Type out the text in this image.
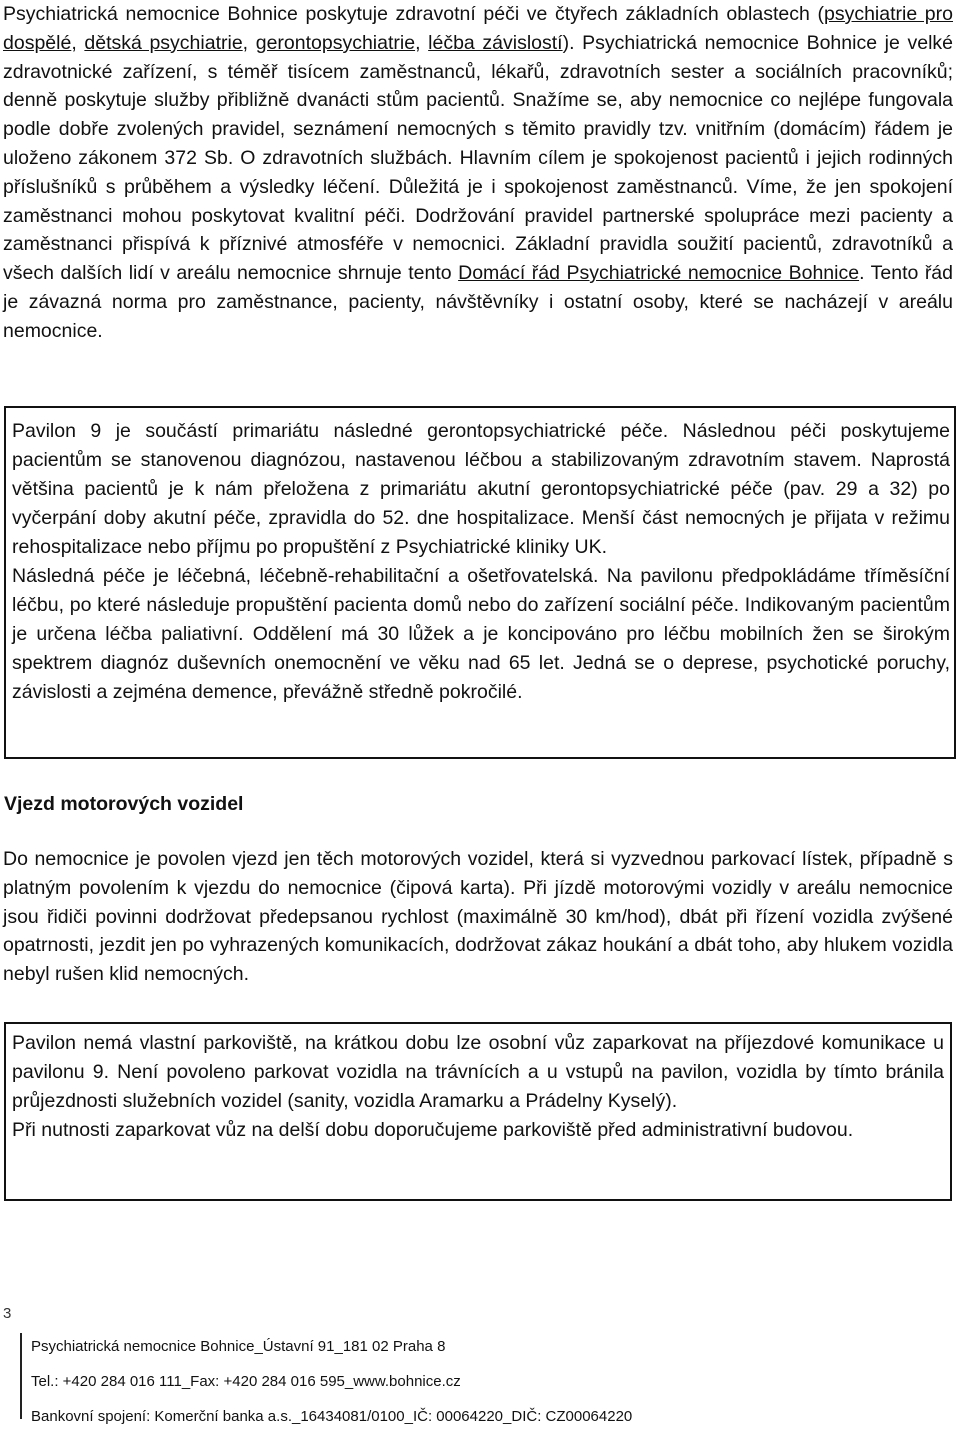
Psychiatrická nemocnice Bohnice poskytuje zdravotní péči ve čtyřech základních oblastech (psychiatrie pro dospělé, dětská psychiatrie, gerontopsychiatrie, léčba závislostí). Psychiatrická nemocnice Bohnice je velké zdravotnické zařízení, s téměř tisícem zaměstnanců, lékařů, zdravotních sester a sociálních pracovníků; denně poskytuje služby přibližně dvanácti stům pacientů. Snažíme se, aby nemocnice co nejlépe fungovala podle dobře zvolených pravidel, seznámení nemocných s těmito pravidly tzv. vnitřním (domácím) řádem je uloženo zákonem 372 Sb. O zdravotních službách. Hlavním cílem je spokojenost pacientů i jejich rodinných příslušníků s průběhem a výsledky léčení. Důležitá je i spokojenost zaměstnanců. Víme, že jen spokojení zaměstnanci mohou poskytovat kvalitní péči. Dodržování pravidel partnerské spolupráce mezi pacienty a zaměstnanci přispívá k příznivé atmosféře v nemocnici. Základní pravidla soužití pacientů, zdravotníků a všech dalších lidí v areálu nemocnice shrnuje tento Domácí řád Psychiatrické nemocnice Bohnice. Tento řád je závazná norma pro zaměstnance, pacienty, návštěvníky i ostatní osoby, které se nacházejí v areálu nemocnice.

Pavilon 9 je součástí primariátu následné gerontopsychiatrické péče. Následnou péči poskytujeme pacientům se stanovenou diagnózou, nastavenou léčbou a stabilizovaným zdravotním stavem. Naprostá většina pacientů je k nám přeložena z primariátu akutní gerontopsychiatrické péče (pav. 29 a 32) po vyčerpání doby akutní péče, zpravidla do 52. dne hospitalizace. Menší část nemocných je přijata v režimu rehospitalizace nebo příjmu po propuštění z Psychiatrické kliniky UK.

Následná péče je léčebná, léčebně-rehabilitační a ošetřovatelská. Na pavilonu předpokládáme tříměsíční léčbu, po které následuje propuštění pacienta domů nebo do zařízení sociální péče. Indikovaným pacientům je určena léčba paliativní. Oddělení má 30 lůžek a je koncipováno pro léčbu mobilních žen se širokým spektrem diagnóz duševních onemocnění ve věku nad 65 let. Jedná se o deprese, psychotické poruchy, závislosti a zejména demence, převážně středně pokročilé.

Vjezd motorových vozidel

Do nemocnice je povolen vjezd jen těch motorových vozidel, která si vyzvednou parkovací lístek, případně s platným povolením k vjezdu do nemocnice (čipová karta). Při jízdě motorovými vozidly v areálu nemocnice jsou řidiči povinni dodržovat předepsanou rychlost (maximálně 30 km/hod), dbát při řízení vozidla zvýšené opatrnosti, jezdit jen po vyhrazených komunikacích, dodržovat zákaz houkání a dbát toho, aby hlukem vozidla nebyl rušen klid nemocných.

Pavilon nemá vlastní parkoviště, na krátkou dobu lze osobní vůz zaparkovat na příjezdové komunikace u pavilonu 9. Není povoleno parkovat vozidla na trávnících a u vstupů na pavilon, vozidla by tímto bránila průjezdnosti služebních vozidel (sanity, vozidla Aramarku a Prádelny Kyselý).

Při nutnosti zaparkovat vůz na delší dobu doporučujeme parkoviště před administrativní budovou.

3
Psychiatrická nemocnice Bohnice_Ústavní 91_181 02 Praha 8
Tel.: +420 284 016 111_Fax: +420 284 016 595_www.bohnice.cz
Bankovní spojení: Komerční banka a.s._16434081/0100_IČ: 00064220_DIČ: CZ00064220
